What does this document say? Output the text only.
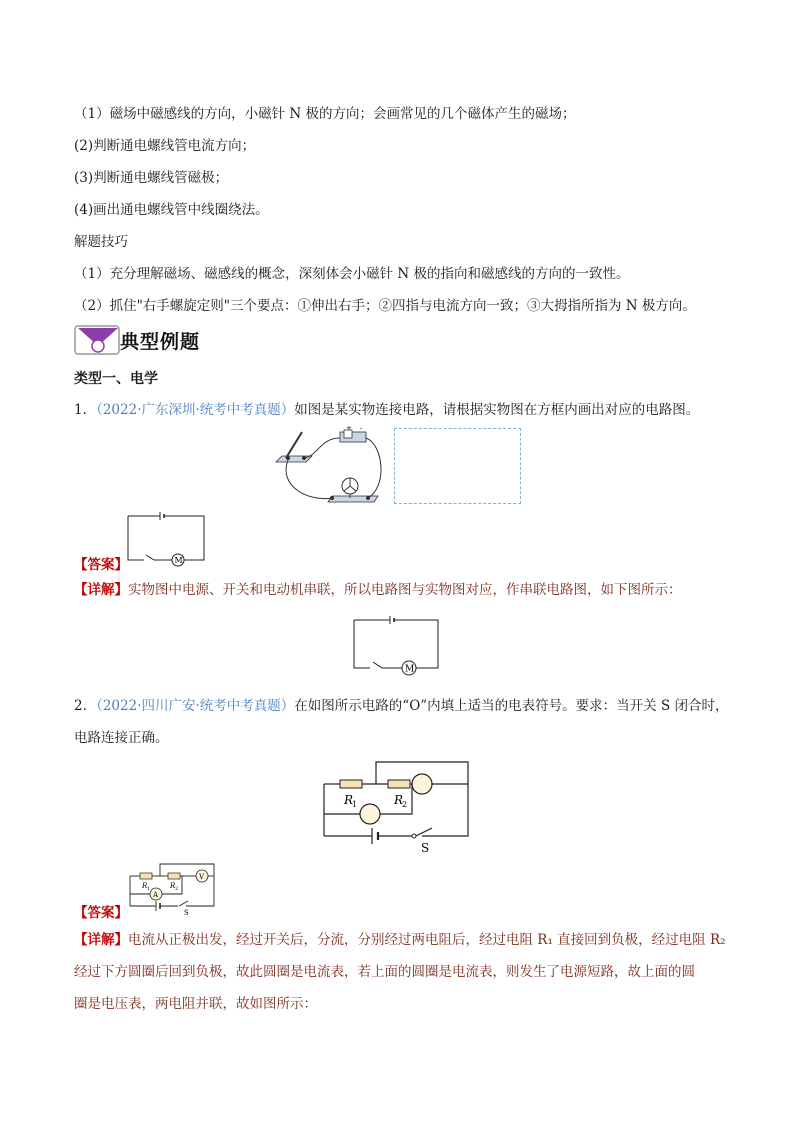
（1）磁场中磁感线的方向，小磁针 N 极的方向；会画常见的几个磁体产生的磁场；
(2)判断通电螺线管电流方向；
(3)判断通电螺线管磁极；
(4)画出通电螺线管中线圈绕法。
解题技巧
（1）充分理解磁场、磁感线的概念，深刻体会小磁针 N 极的指向和磁感线的方向的一致性。
（2）抓住"右手螺旋定则"三个要点：①伸出右手；②四指与电流方向一致；③大拇指所指为 N 极方向。
典型例题
类型一、电学
1．（2022·广东深圳·统考中考真题）如图是某实物连接电路，请根据实物图在方框内画出对应的电路图。
+ -
【答案】	M
【详解】实物图中电源、开关和电动机串联，所以电路图与实物图对应，作串联电路图，如下图所示：
M
2．（2022·四川广安·统考中考真题）在如图所示电路的“O”内填上适当的电表符号。要求：当开关 S 闭合时，
电路连接正确。
R
1	R
2
S
【答案】
V
R 1	R 2
A
S
【详解】电流从正极出发，经过开关后，分流，分别经过两电阻后，经过电阻 R₁ 直接回到负极，经过电阻 R₂
经过下方圆圈后回到负极，故此圆圈是电流表，若上面的圆圈是电流表，则发生了电源短路，故上面的圆
圈是电压表，两电阻并联，故如图所示：
